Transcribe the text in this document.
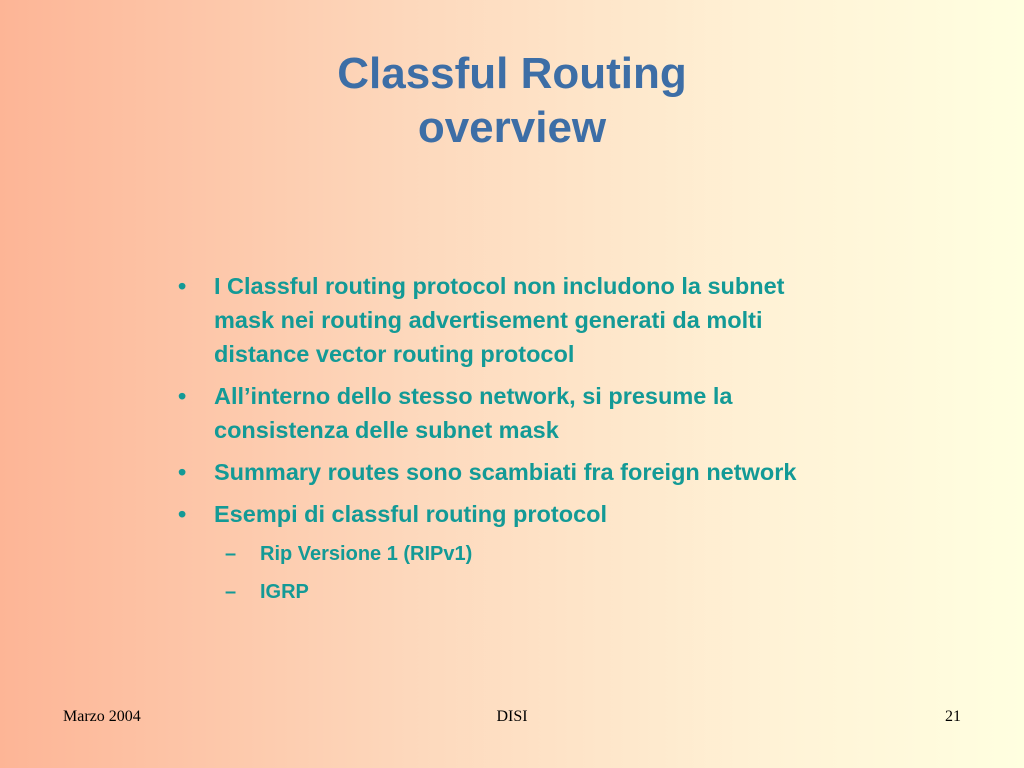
Classful Routing
overview
• I Classful routing protocol non includono la subnet mask nei routing advertisement generati da molti distance vector routing protocol
• All’interno dello stesso network, si presume la consistenza delle subnet mask
• Summary routes sono scambiati fra foreign network
• Esempi di classful routing protocol
– Rip Versione 1 (RIPv1)
– IGRP
Marzo 2004	DISI	21
